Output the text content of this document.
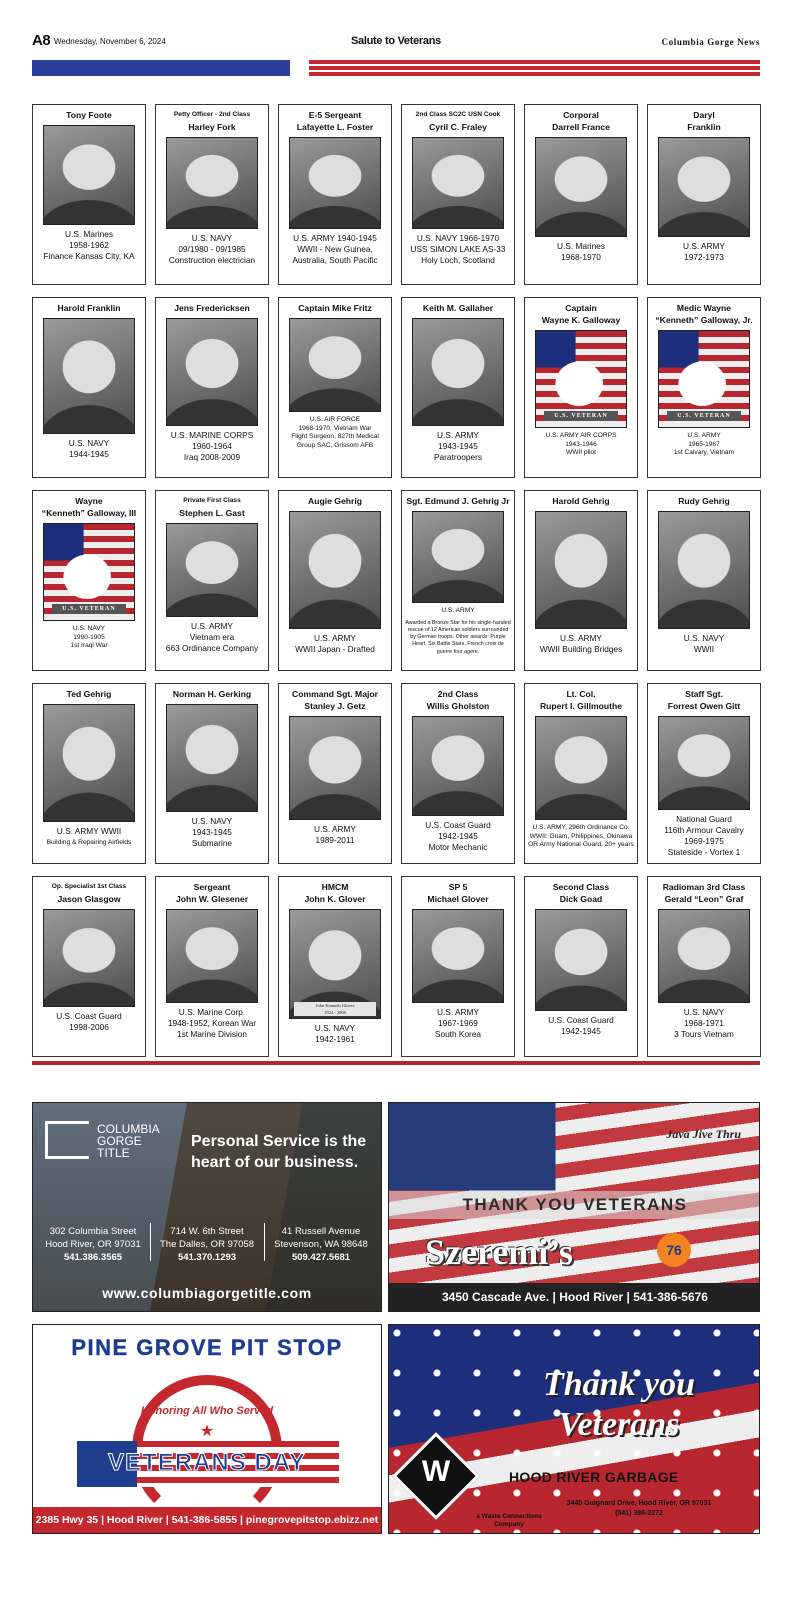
A8 Wednesday, November 6, 2024	Salute to Veterans	Columbia Gorge News
Tony Foote
U.S. Marines
1958-1962
Finance Kansas City, KA
Petty Officer - 2nd Class
Harley Fork
U.S. NAVY
09/1980 - 09/1985
Construction electrician
E-5 Sergeant
Lafayette L. Foster
U.S. ARMY 1940-1945
WWII - New Guinea,
Australia, South Pacific
2nd Class SC2C USN Cook
Cyril C. Fraley
U.S. NAVY 1966-1970
USS SIMON LAKE AS-33
Holy Loch, Scotland
Corporal
Darrell France
U.S. Marines
1968-1970
Daryl
Franklin
U.S. ARMY
1972-1973
Harold Franklin
U.S. NAVY
1944-1945
Jens Fredericksen
U.S. MARINE CORPS
1960-1964
Iraq 2008-2009
Captain Mike Fritz
U.S. AIR FORCE
1968-1970, Vietnam War
Flight Surgeon, 827th Medical
Group SAC, Grissom AFB
Keith M. Gallaher
U.S. ARMY
1943-1945
Paratroopers
Captain
Wayne K. Galloway
U.S. VETERAN
U.S. ARMY AIR CORPS
1943-1946
WWII pilot
Medic Wayne
“Kenneth” Galloway, Jr.
U.S. VETERAN
U.S. ARMY
1965-1967
1st Calvary, Vietnam
Wayne
“Kenneth” Galloway, III
U.S. VETERAN
U.S. NAVY
1990-1905
1st Iraqi War
Private First Class
Stephen L. Gast
U.S. ARMY
Vietnam era
663 Ordinance Company
Augie Gehrig
U.S. ARMY
WWII Japan - Drafted
Sgt. Edmund J. Gehrig Jr
U.S. ARMY
Awarded a Bronze Star for his single-handed rescue of 12 American soldiers surrounded by German troops. Other awards: Purple Heart, Six Battle Stars, French croix de guerre four agere.
Harold Gehrig
U.S. ARMY
WWII Building Bridges
Rudy Gehrig
U.S. NAVY
WWII
Ted Gehrig
U.S. ARMY WWII
Building & Repairing Airfields
Norman H. Gerking
U.S. NAVY
1943-1945
Submarine
Command Sgt. Major
Stanley J. Getz
U.S. ARMY
1989-2011
2nd Class
Willis Gholston
U.S. Coast Guard
1942-1945
Motor Mechanic
Lt. Col.
Rupert I. Gillmouthe
U.S. ARMY, 296th Ordinance Co.
WWII: Guam, Philippines, Okinawa
OR Army National Guard, 20+ years
Staff Sgt.
Forrest Owen Gitt
National Guard
116th Armour Cavalry
1969-1975
Stateside - Vortex 1
Op. Specialist 1st Class
Jason Glasgow
U.S. Coast Guard
1998-2006
Sergeant
John W. Glesener
U.S. Marine Corp.
1948-1952, Korean War
1st Marine Division
HMCM
John K. Glover
John Kenneth Glover
1924 - 2006
U.S. NAVY
1942-1961
SP 5
Michael Glover
U.S. ARMY
1967-1969
South Korea
Second Class
Dick Goad
U.S. Coast Guard
1942-1945
Radioman 3rd Class
Gerald “Leon” Graf
U.S. NAVY
1968-1971
3 Tours Vietnam
COLUMBIA
GORGE
TITLE
Personal Service is the heart of our business.
302 Columbia Street
Hood River, OR 97031
541.386.3565
714 W. 6th Street
The Dalles, OR 97058
541.370.1293
41 Russell Avenue
Stevenson, WA 98648
509.427.5681
www.columbiagorgetitle.com
Java Jive Thru
THANK YOU VETERANS
Szeremi’s	76
3450 Cascade Ave. | Hood River | 541-386-5676
PINE GROVE PIT STOP
Honoring All Who Served
★
VETERANS DAY
2385 Hwy 35 | Hood River | 541-386-5855 | pinegrovepitstop.ebizz.net
Thank you Veterans
W	HOOD RIVER GARBAGE
a Waste Connections Company
3440 Guignard Drive, Hood River, OR 97031
(541) 386-2272
